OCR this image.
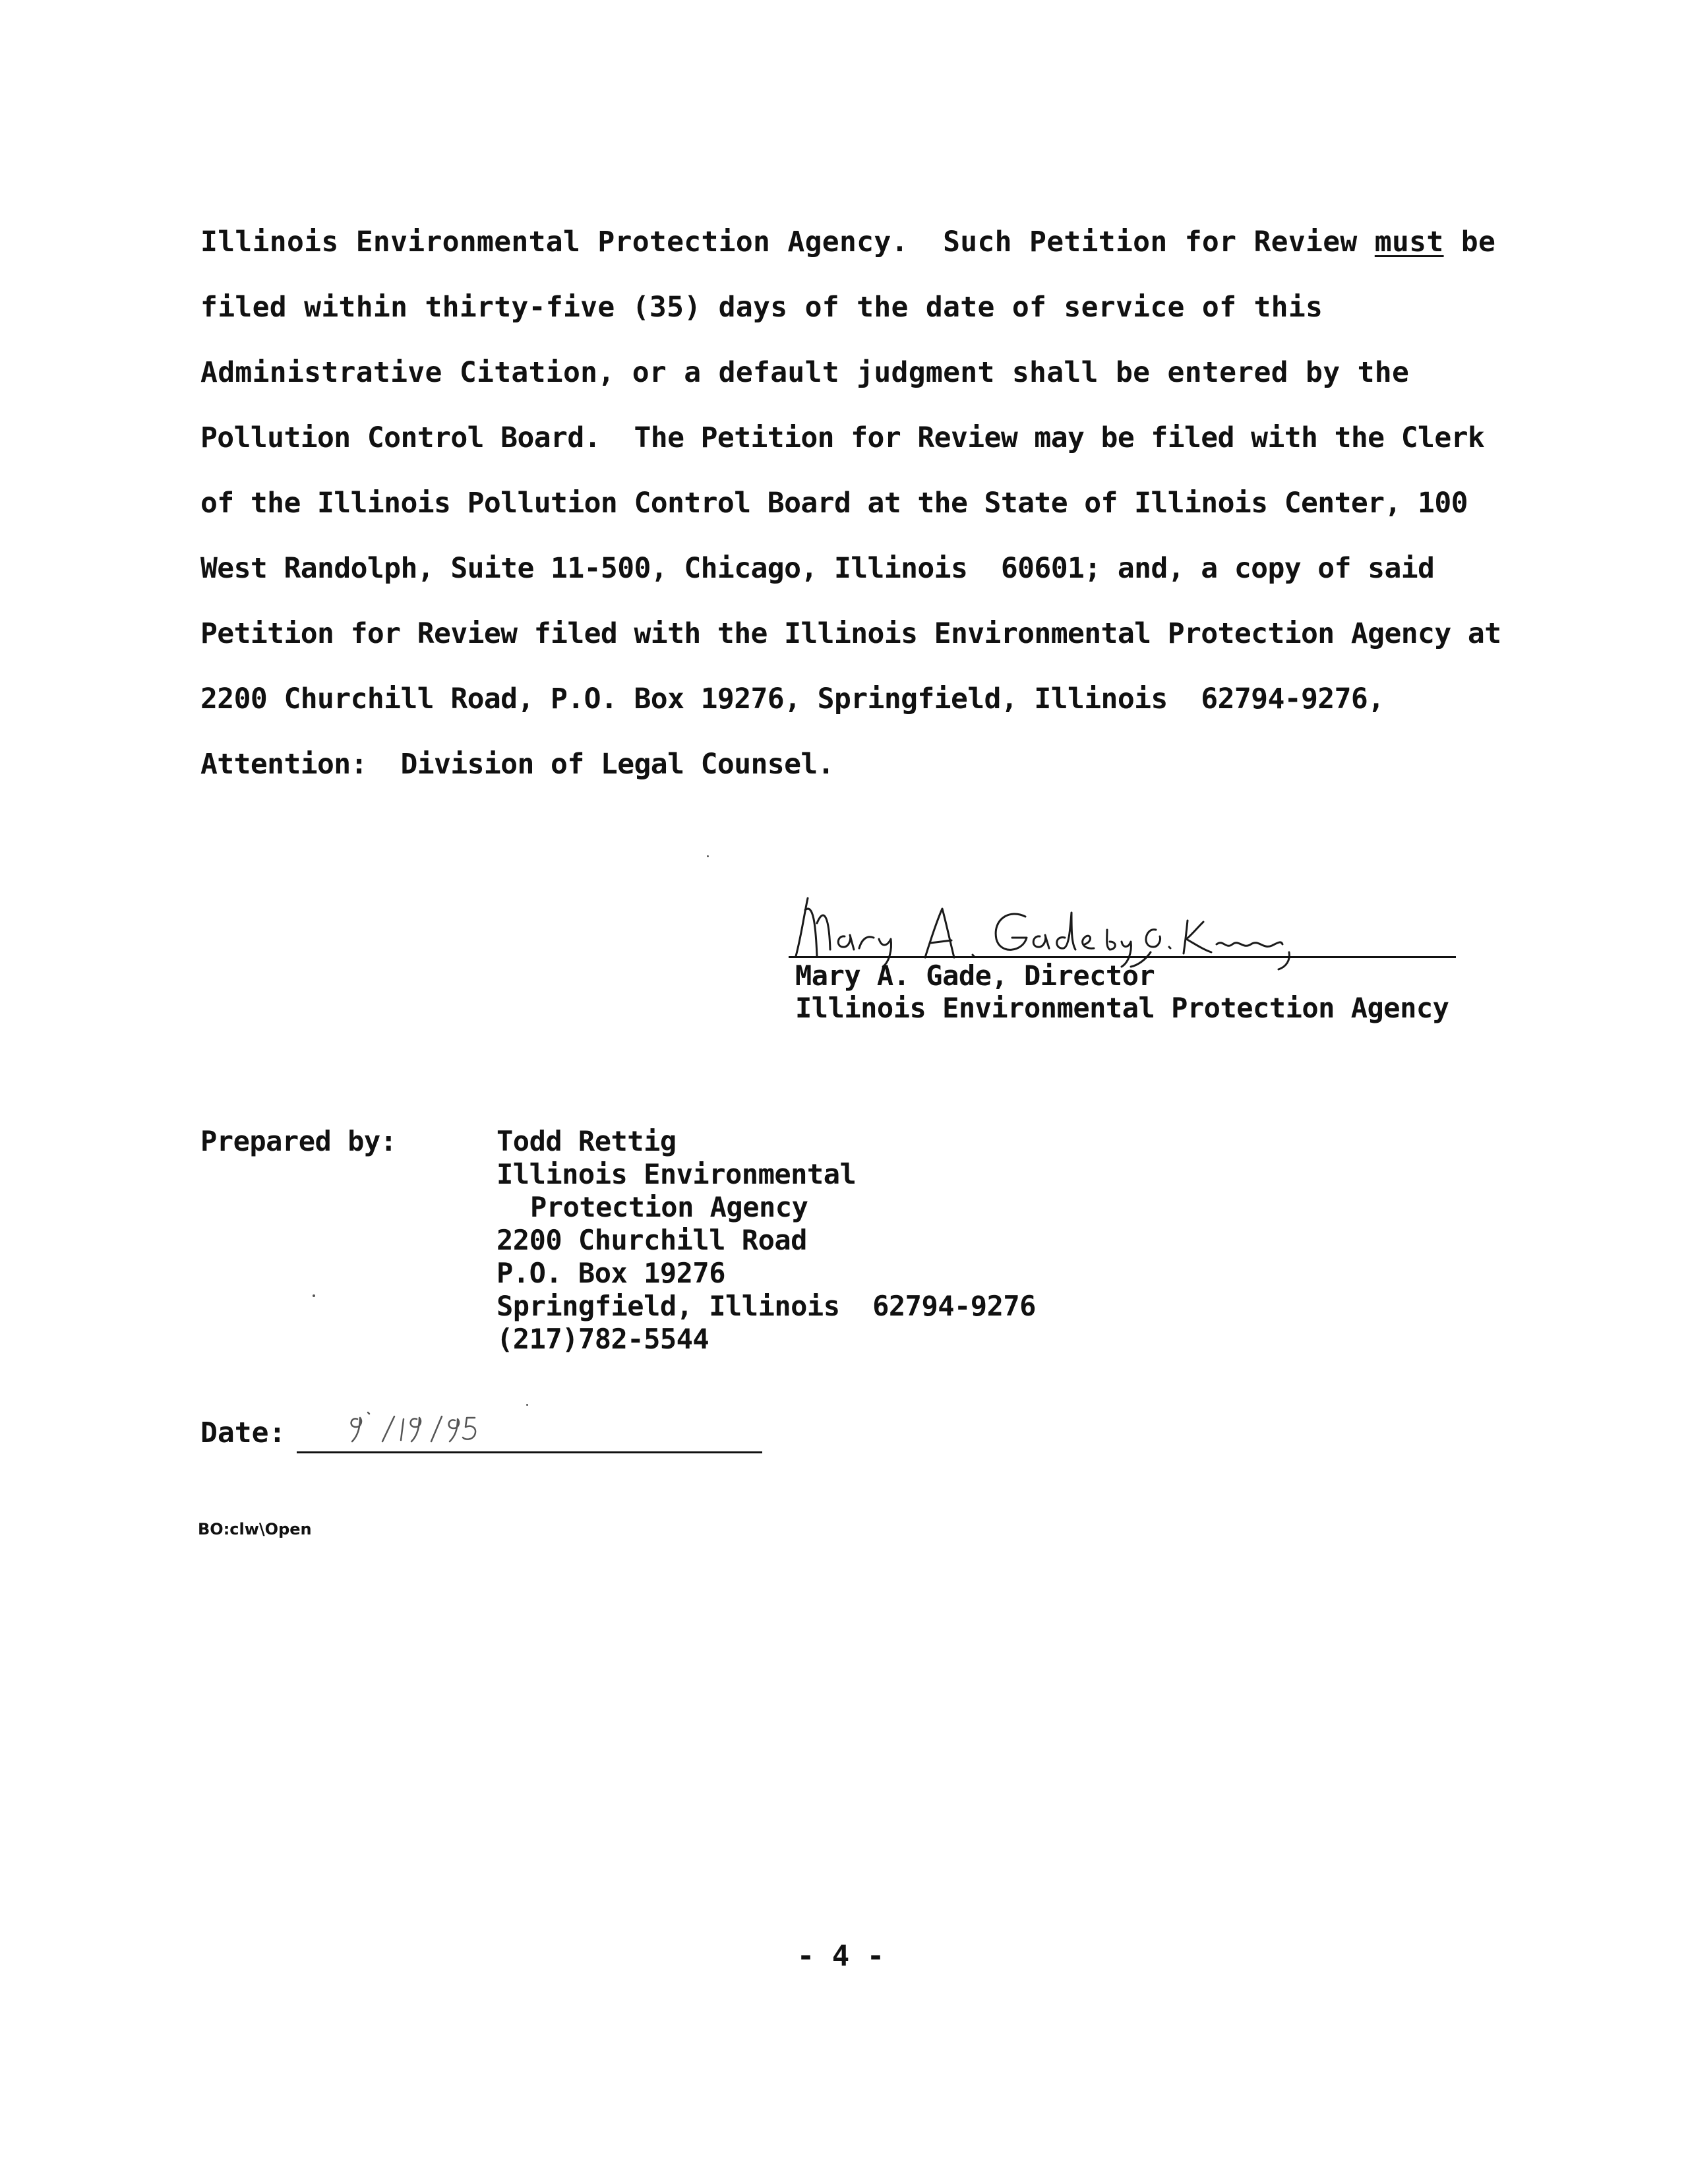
Illinois Environmental Protection Agency.  Such Petition for Review must be
filed within thirty-five (35) days of the date of service of this
Administrative Citation, or a default judgment shall be entered by the
Pollution Control Board.  The Petition for Review may be filed with the Clerk
of the Illinois Pollution Control Board at the State of Illinois Center, 100
West Randolph, Suite 11-500, Chicago, Illinois  60601; and, a copy of said
Petition for Review filed with the Illinois Environmental Protection Agency at
2200 Churchill Road, P.O. Box 19276, Springfield, Illinois  62794-9276,
Attention:  Division of Legal Counsel.
Mary A. Gade, Director
Illinois Environmental Protection Agency
Prepared by:	Todd Rettig
Illinois Environmental
Protection Agency
2200 Churchill Road
P.O. Box 19276
Springfield, Illinois  62794-9276
(217)782-5544
Date:
BO:clw\Open
- 4 -
